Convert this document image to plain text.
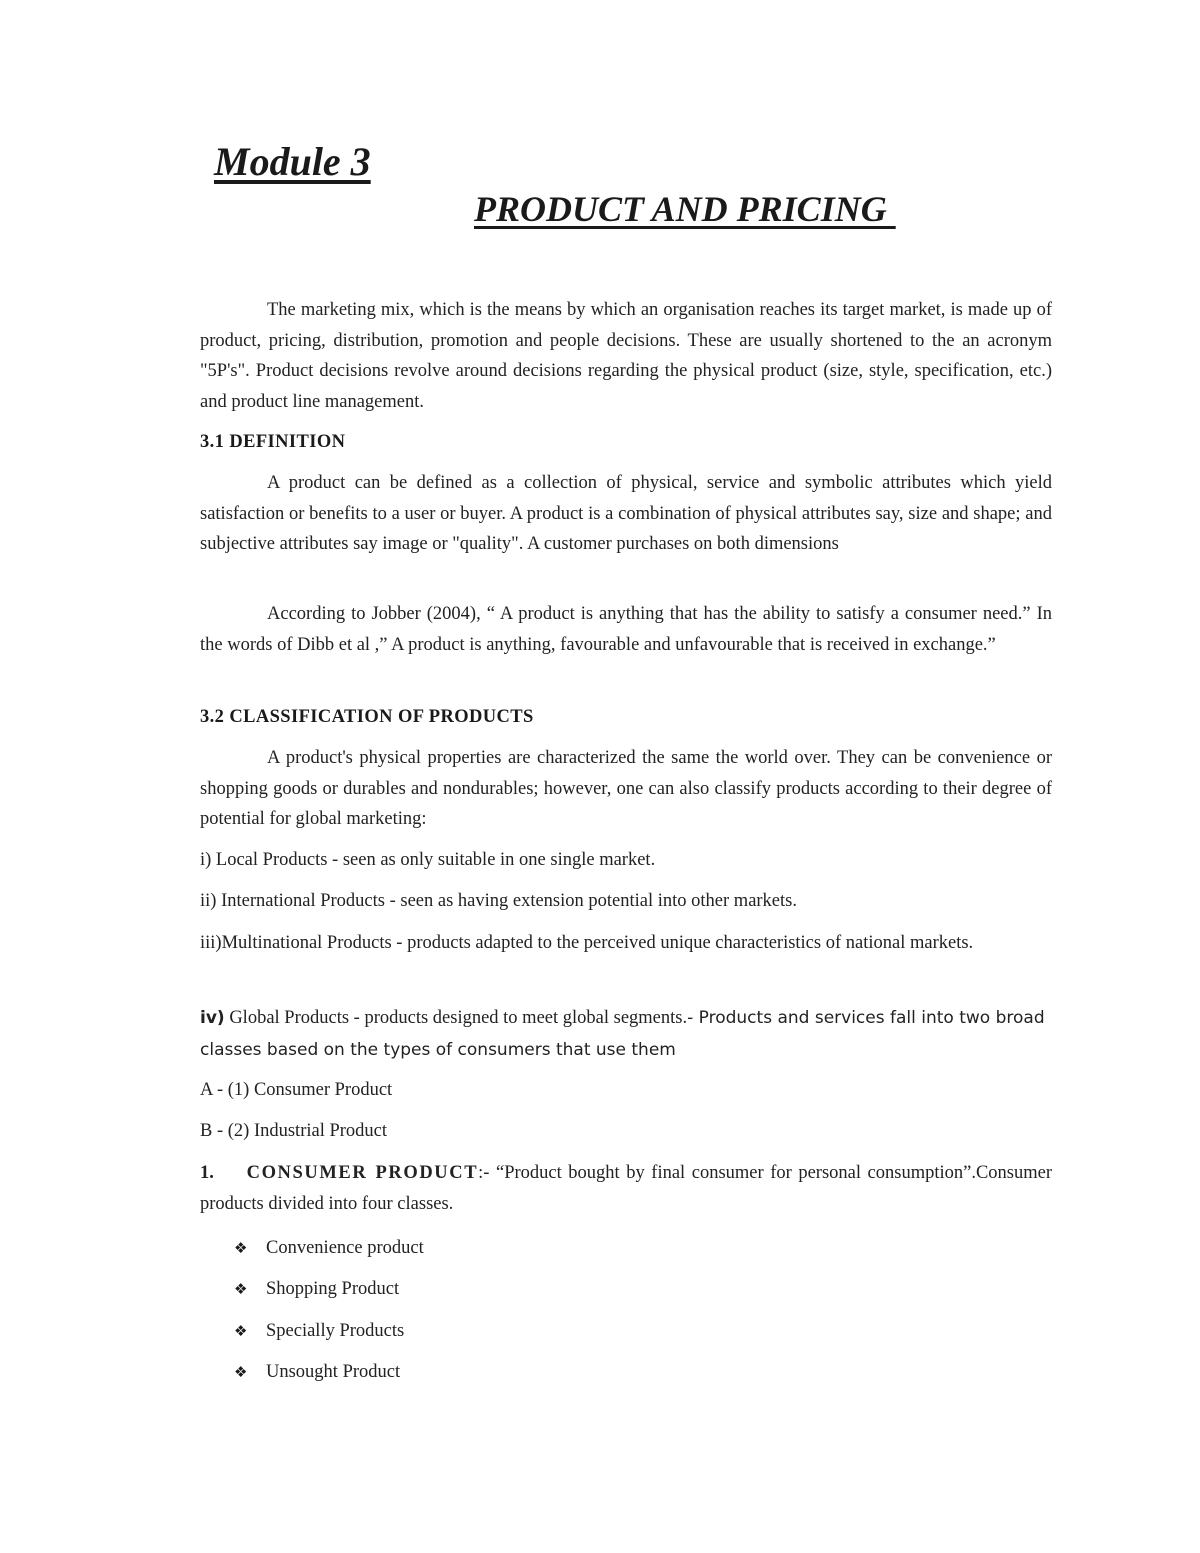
Module 3
PRODUCT AND PRICING

The marketing mix, which is the means by which an organisation reaches its target market, is made up of product, pricing, distribution, promotion and people decisions. These are usually shortened to the an acronym "5P's". Product decisions revolve around decisions regarding the physical product (size, style, specification, etc.) and product line management.

3.1 DEFINITION

A product can be defined as a collection of physical, service and symbolic attributes which yield satisfaction or benefits to a user or buyer. A product is a combination of physical attributes say, size and shape; and subjective attributes say image or "quality". A customer purchases on both dimensions

According to Jobber (2004), “ A product is anything that has the ability to satisfy a consumer need.” In the words of Dibb et al ,” A product is anything, favourable and unfavourable that is received in exchange.”

3.2 CLASSIFICATION OF PRODUCTS

A product's physical properties are characterized the same the world over. They can be convenience or shopping goods or durables and nondurables; however, one can also classify products according to their degree of potential for global marketing:

i) Local Products - seen as only suitable in one single market.

ii) International Products - seen as having extension potential into other markets.

iii)Multinational Products - products adapted to the perceived unique characteristics of national markets.

iv) Global Products - products designed to meet global segments.- Products and services fall into two broad classes based on the types of consumers that use them

A - (1) Consumer Product

B - (2) Industrial Product

1. CONSUMER PRODUCT:- “Product bought by final consumer for personal consumption”.Consumer products divided into four classes.

❖ Convenience product
❖ Shopping Product
❖ Specially Products
❖ Unsought Product
